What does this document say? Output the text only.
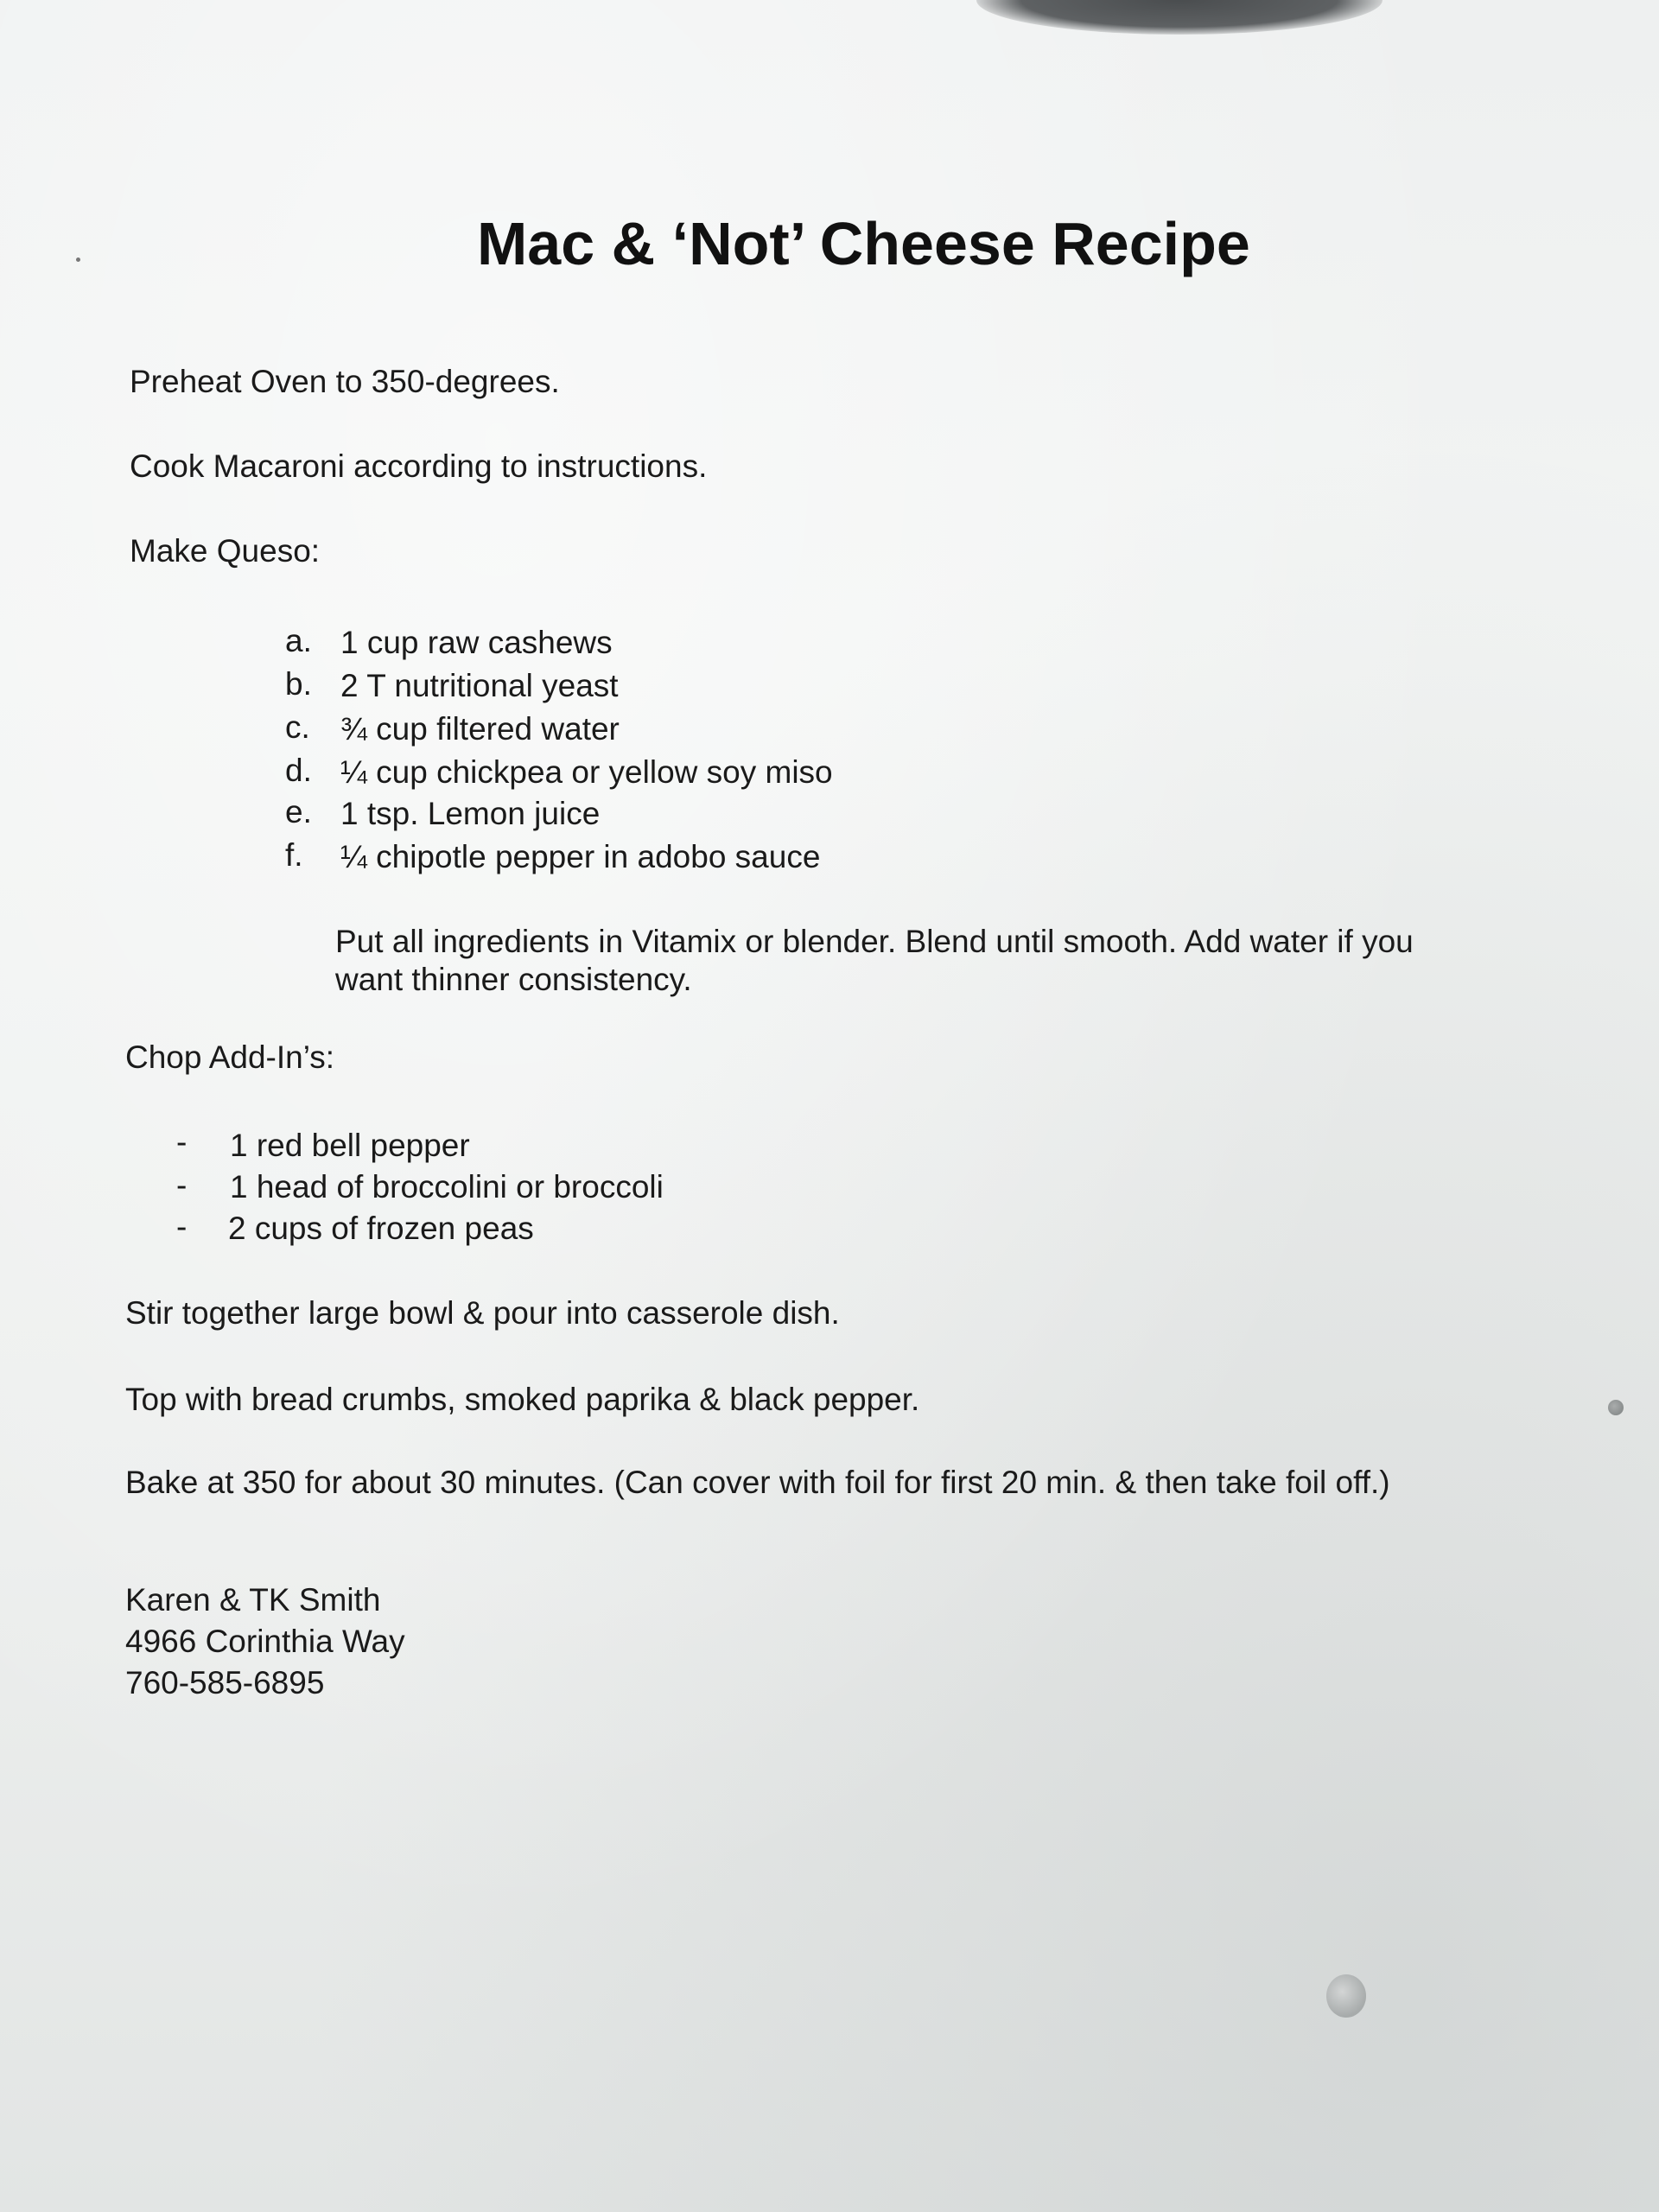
Mac & ‘Not’ Cheese Recipe
Preheat Oven to 350-degrees.
Cook Macaroni according to instructions.
Make Queso:
a. 1 cup raw cashews
b. 2 T nutritional yeast
c. ¾ cup filtered water
d. ¼ cup chickpea or yellow soy miso
e. 1 tsp. Lemon juice
f. ¼ chipotle pepper in adobo sauce
Put all ingredients in Vitamix or blender. Blend until smooth. Add water if you want thinner consistency.
Chop Add-In’s:
- 1 red bell pepper
- 1 head of broccolini or broccoli
- 2 cups of frozen peas
Stir together large bowl & pour into casserole dish.
Top with bread crumbs, smoked paprika & black pepper.
Bake at 350 for about 30 minutes. (Can cover with foil for first 20 min. & then take foil off.)
Karen & TK Smith
4966 Corinthia Way
760-585-6895
